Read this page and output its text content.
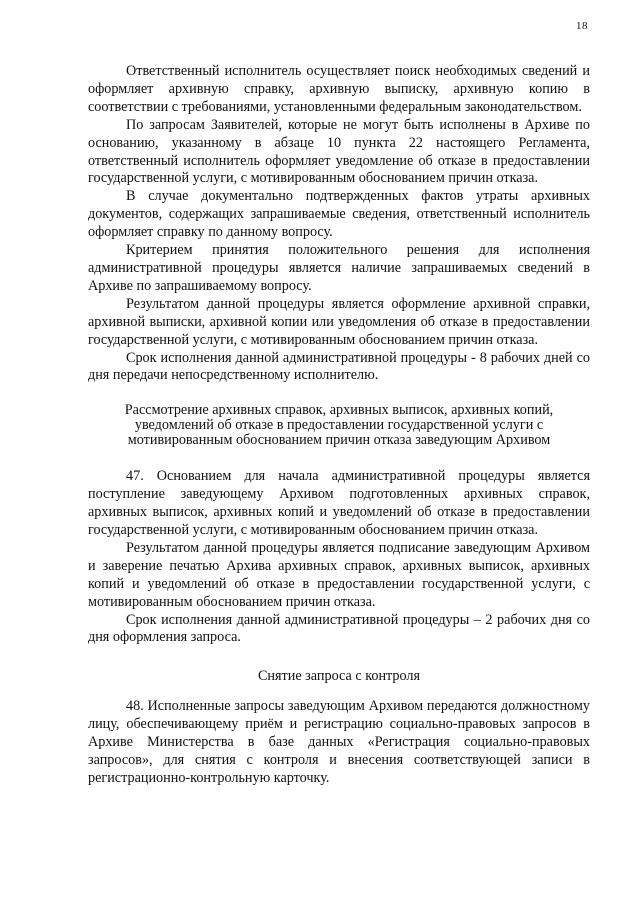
18

Ответственный исполнитель осуществляет поиск необходимых сведений и оформляет архивную справку, архивную выписку, архивную копию в соответствии с требованиями, установленными федеральным законодательством.

По запросам Заявителей, которые не могут быть исполнены в Архиве по основанию, указанному в абзаце 10 пункта 22 настоящего Регламента, ответственный исполнитель оформляет уведомление об отказе в предоставлении государственной услуги, с мотивированным обоснованием причин отказа.

В случае документально подтвержденных фактов утраты архивных документов, содержащих запрашиваемые сведения, ответственный исполнитель оформляет справку по данному вопросу.

Критерием принятия положительного решения для исполнения административной процедуры является наличие запрашиваемых сведений в Архиве по запрашиваемому вопросу.

Результатом данной процедуры является оформление архивной справки, архивной выписки, архивной копии или уведомления об отказе в предоставлении государственной услуги, с мотивированным обоснованием причин отказа.

Срок исполнения данной административной процедуры - 8 рабочих дней со дня передачи непосредственному исполнителю.

Рассмотрение архивных справок, архивных выписок, архивных копий, уведомлений об отказе в предоставлении государственной услуги с мотивированным обоснованием причин отказа заведующим Архивом

47. Основанием для начала административной процедуры является поступление заведующему Архивом подготовленных архивных справок, архивных выписок, архивных копий и уведомлений об отказе в предоставлении государственной услуги, с мотивированным обоснованием причин отказа.

Результатом данной процедуры является подписание заведующим Архивом и заверение печатью Архива архивных справок, архивных выписок, архивных копий и уведомлений об отказе в предоставлении государственной услуги, с мотивированным обоснованием причин отказа.

Срок исполнения данной административной процедуры – 2 рабочих дня со дня оформления запроса.

Снятие запроса с контроля

48. Исполненные запросы заведующим Архивом передаются должностному лицу, обеспечивающему приём и регистрацию социально-правовых запросов в Архиве Министерства в базе данных «Регистрация социально-правовых запросов», для снятия с контроля и внесения соответствующей записи в регистрационно-контрольную карточку.
